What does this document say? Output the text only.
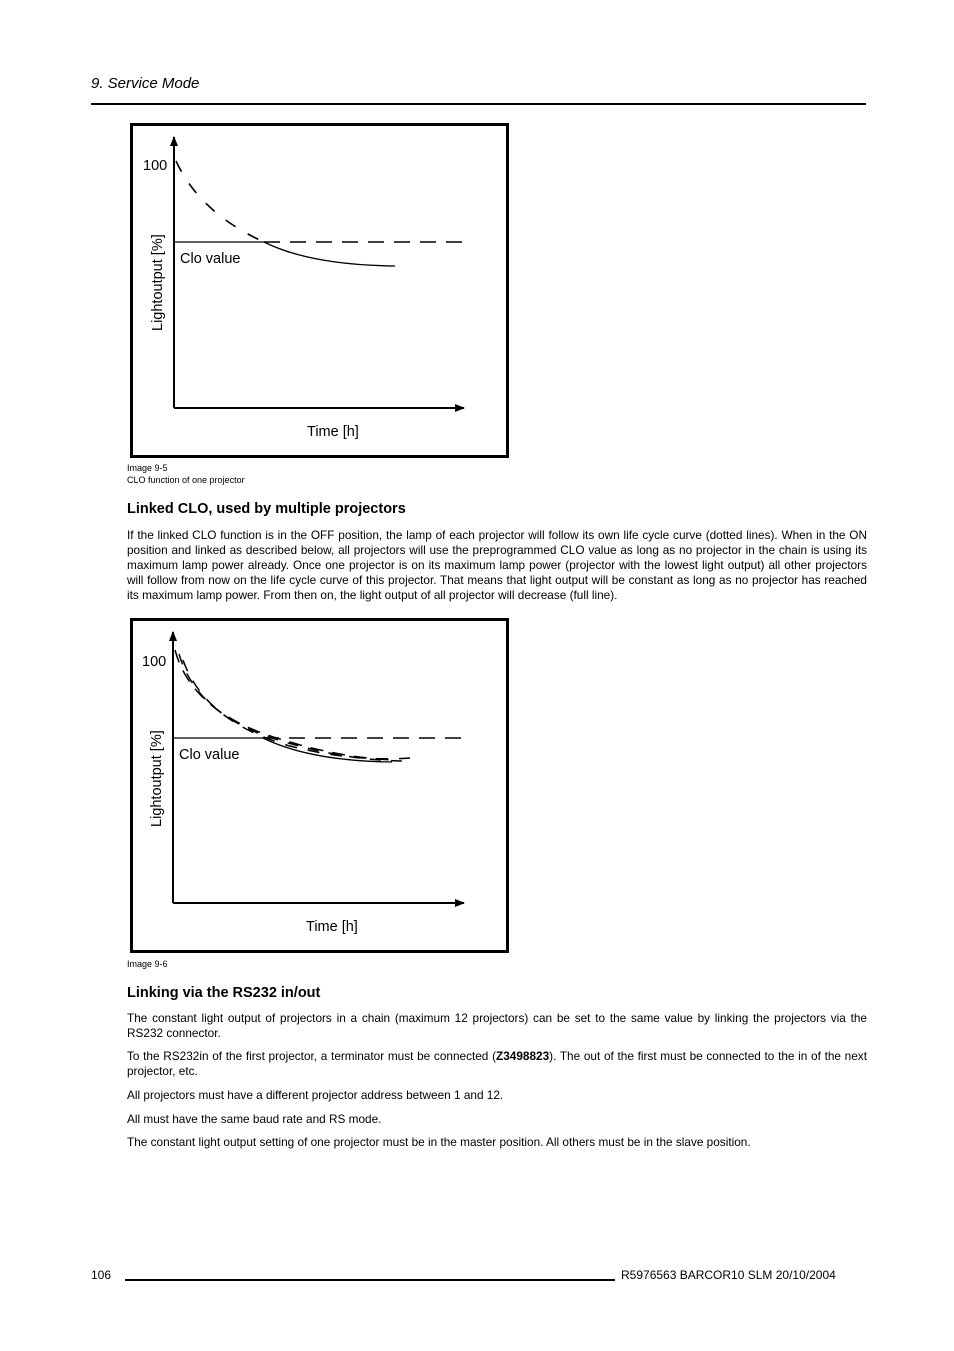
9. Service Mode
100
Clo value
Time [h]
Lightoutput [%]
Image 9-5
CLO function of one projector
Linked CLO, used by multiple projectors
If the linked CLO function is in the OFF position, the lamp of each projector will follow its own life cycle curve (dotted lines). When in the ON position and linked as described below, all projectors will use the preprogrammed CLO value as long as no projector in the chain is using its maximum lamp power already. Once one projector is on its maximum lamp power (projector with the lowest light output) all other projectors will follow from now on the life cycle curve of this projector. That means that light output will be constant as long as no projector has reached its maximum lamp power. From then on, the light output of all projector will decrease (full line).
100
Clo value
Time [h]
Lightoutput [%]
Image 9-6
Linking via the RS232 in/out
The constant light output of projectors in a chain (maximum 12 projectors) can be set to the same value by linking the projectors via the RS232 connector.
To the RS232in of the first projector, a terminator must be connected (Z3498823). The out of the first must be connected to the in of the next projector, etc.
All projectors must have a different projector address between 1 and 12.
All must have the same baud rate and RS mode.
The constant light output setting of one projector must be in the master position. All others must be in the slave position.
106	R5976563 BARCOR10 SLM 20/10/2004
